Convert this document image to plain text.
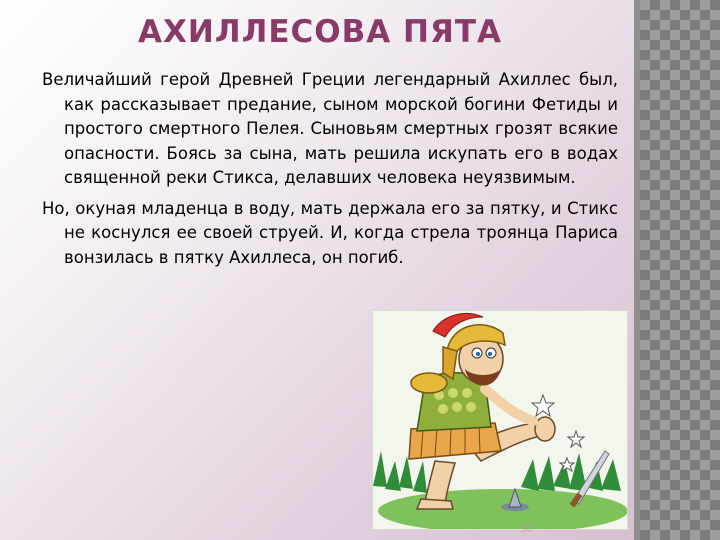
АХИЛЛЕСОВА ПЯТА

Величайший герой Древней Греции легендарный Ахиллес был, как рассказывает предание, сыном морской богини Фетиды и простого смертного Пелея. Сыновьям смертных грозят всякие опасности. Боясь за сына, мать решила искупать его в водах священной реки Стикса, делавших человека неуязвимым.

Но, окуная младенца в воду, мать держала его за пятку, и Стикс не коснулся ее своей струей. И, когда стрела троянца Париса вонзилась в пятку Ахиллеса, он погиб.

30
